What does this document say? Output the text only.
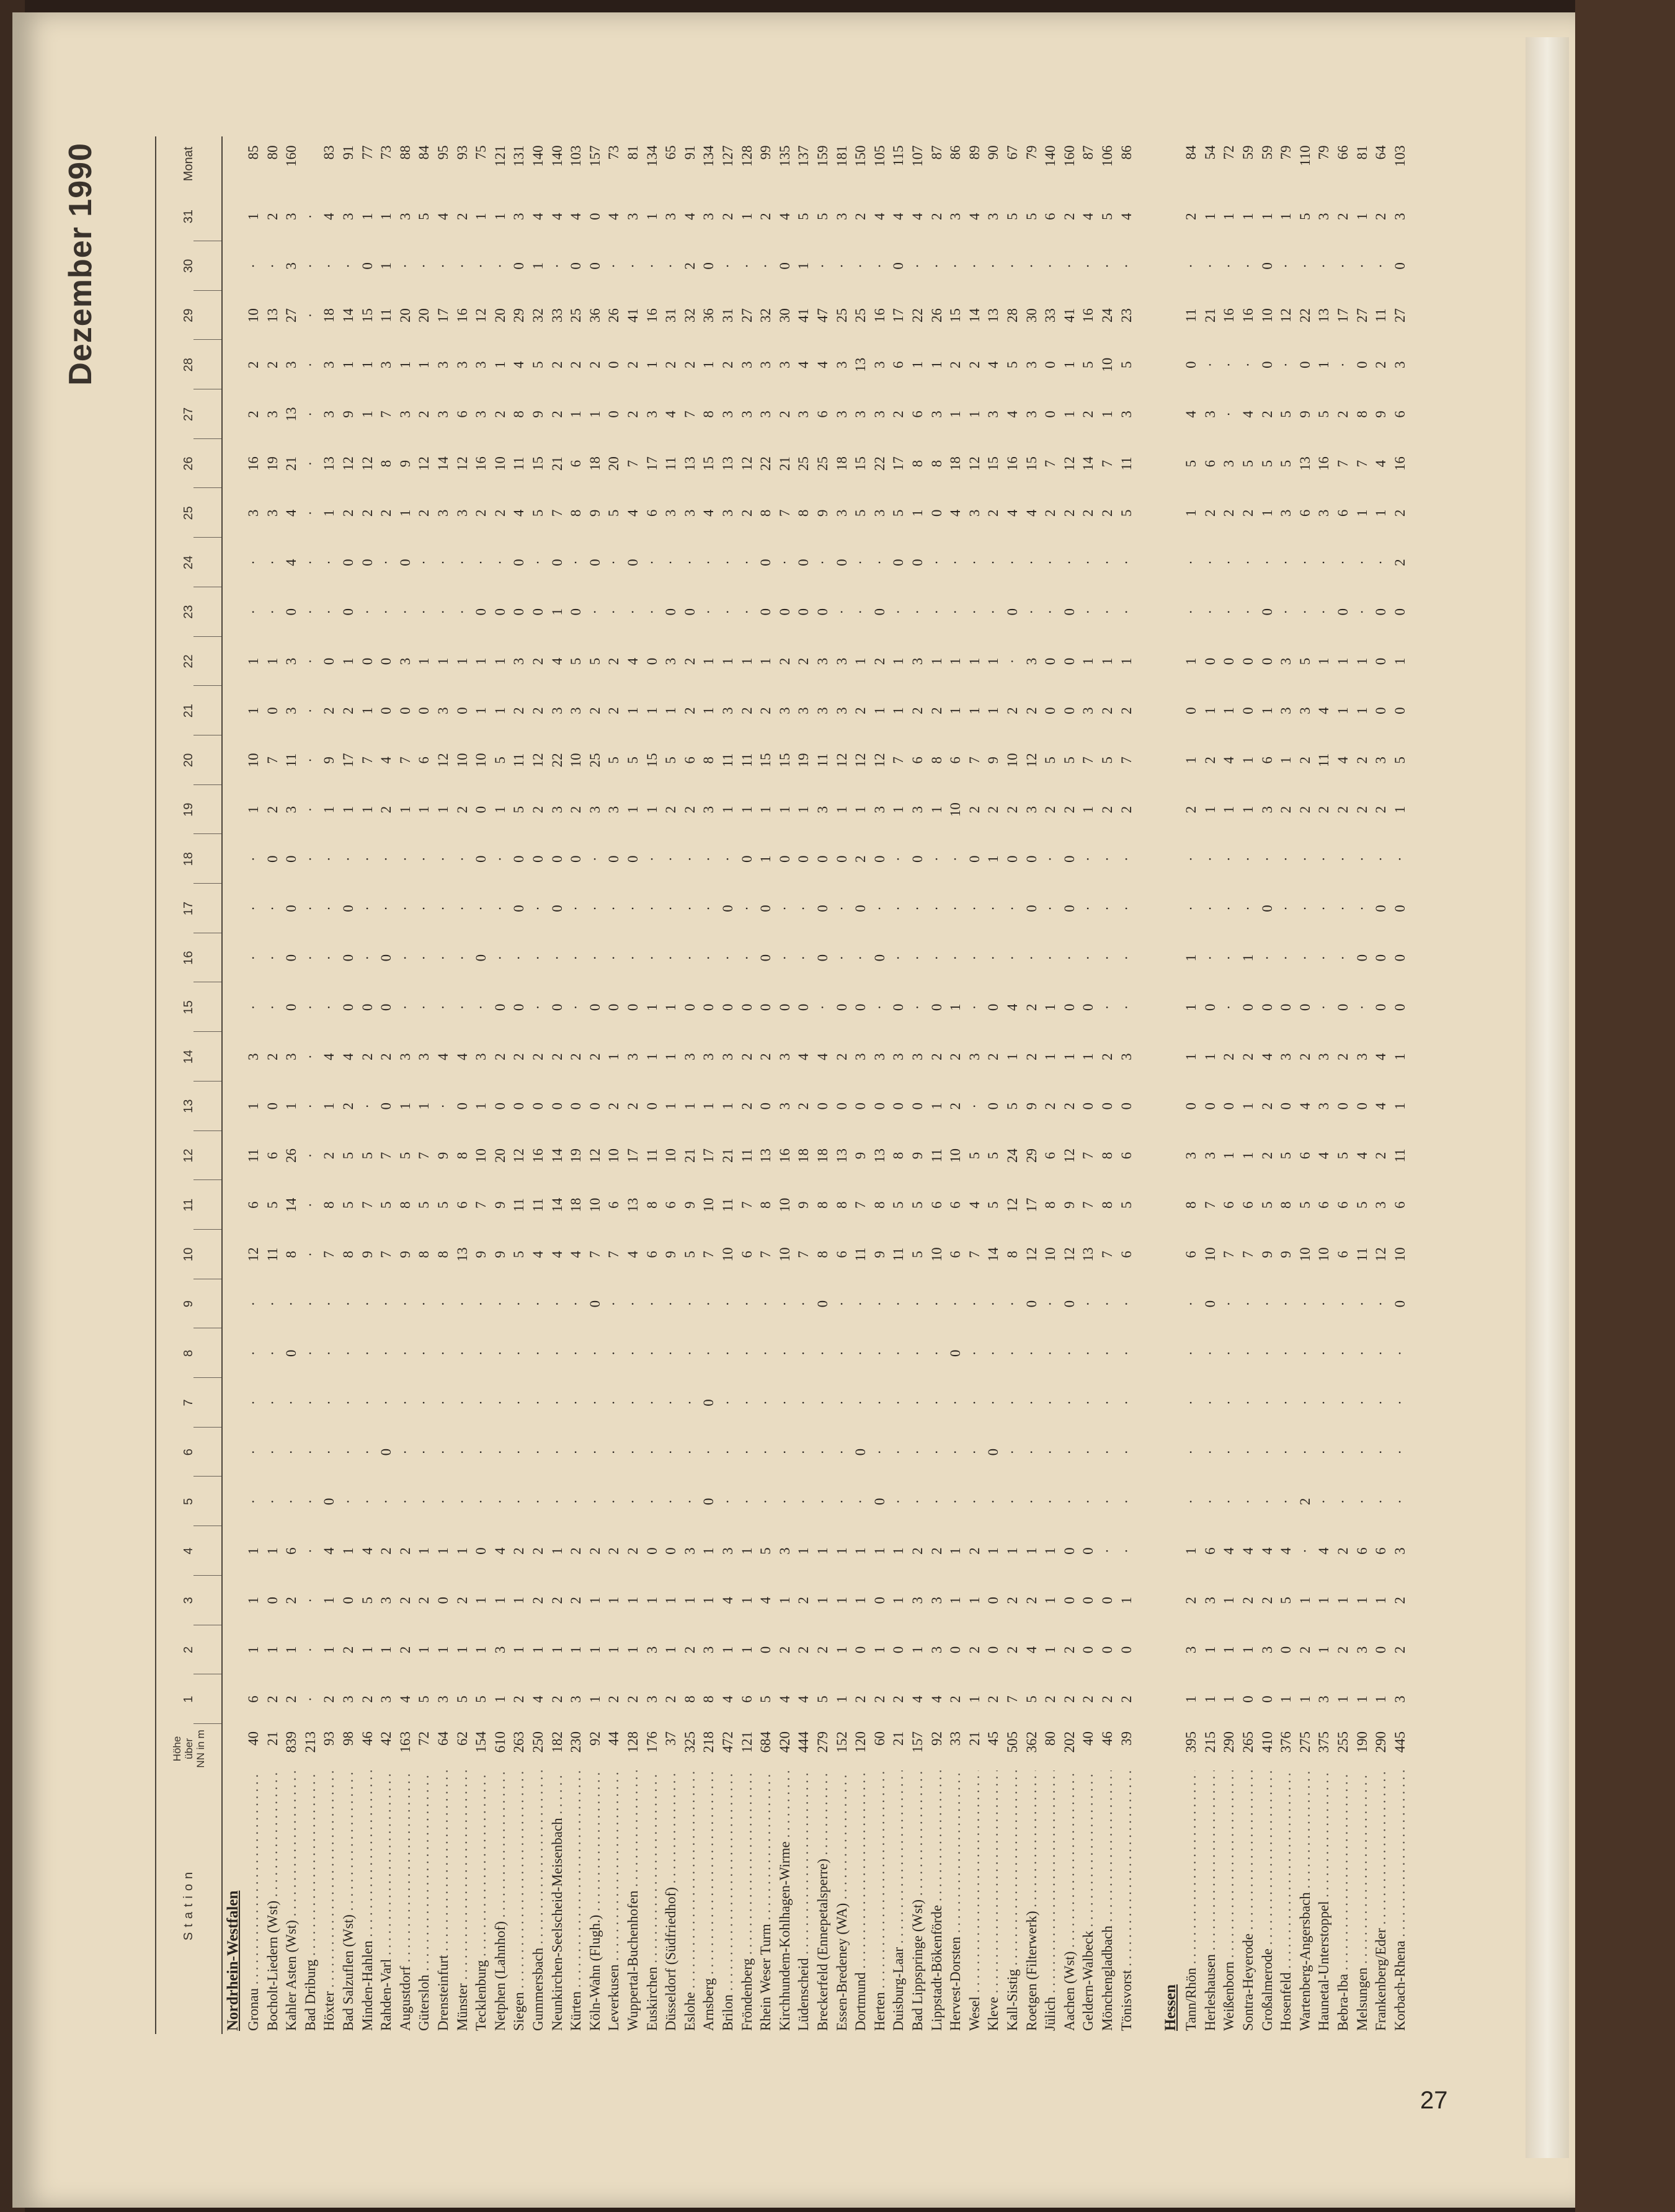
Dezember 1990
Station
Höhe über NN in m
1
2
3
4
5
6
7
8
9
10
11
12
13
14
15
16
17
18
19
20
21
22
23
24
25
26
27
28
29
30
31
Monat
Nordrhein-Westfalen Gronau . . .
40
6
1
1
1
·
·
·
·
·
12
6
11
1
3
·
·
·
·
1
10
1
1
·
·
3
16
2
2
10
·
1
85
Bocholt-Liedern (Wst) . . .
21
2
1
0
1
·
·
·
·
·
11
5
6
0
2
·
·
·
0
2
7
0
1
·
·
3
19
3
2
13
·
2
80
Kahler Asten (Wst) . . .
839
2
1
2
6
·
·
·
0
·
8
14
26
1
3
0
0
0
0
3
11
3
3
0
4
4
21
13
3
27
3
3
160
Bad Driburg . . .
213
·
·
·
·
·
·
·
·
·
·
·
·
·
·
·
·
·
·
·
·
·
·
·
·
·
·
·
·
·
·
·
Höxter . . .
93
2
1
1
4
0
·
·
·
·
7
8
2
1
4
·
·
·
·
1
9
2
0
·
·
1
13
3
3
18
·
4
83
Bad Salzuflen (Wst) . . .
98
3
2
0
1
·
·
·
·
·
8
5
5
2
4
0
0
0
·
1
17
2
1
0
0
2
12
9
1
14
·
3
91
Minden-Hahlen . . .
46
2
1
5
4
·
·
·
·
·
9
7
5
·
2
0
·
·
·
1
7
1
0
·
0
2
12
1
1
15
0
1
77
Rahden-Varl . . .
42
3
1
3
2
·
0
·
·
·
7
5
7
0
2
0
0
·
·
2
4
0
0
·
·
2
8
7
3
11
1
1
73
Augustdorf . . .
163
4
2
2
2
·
·
·
·
·
9
8
5
1
3
·
·
·
·
1
7
0
3
·
0
1
9
3
1
20
·
3
88
Gütersloh . . .
72
5
1
2
1
·
·
·
·
·
8
5
7
1
3
·
·
·
·
1
6
0
1
·
·
2
12
2
1
20
·
5
84
Drensteinfurt . . .
64
3
1
0
1
·
·
·
·
·
8
5
9
·
4
·
·
·
·
1
12
3
1
·
·
3
14
3
3
17
·
4
95
Münster . . .
62
5
1
2
1
·
·
·
·
·
13
6
8
0
4
·
·
·
·
2
10
0
1
·
·
3
12
6
3
16
·
2
93
Tecklenburg . . .
154
5
1
1
0
·
·
·
·
·
9
7
10
1
3
·
0
·
0
0
10
1
1
0
·
2
16
3
3
12
·
1
75
Netphen (Lahnhof) . . .
610
1
3
1
4
·
·
·
·
·
9
9
20
0
2
0
·
·
·
1
5
1
1
0
·
2
10
2
1
20
·
1
121
Siegen . . .
263
2
1
1
2
·
·
·
·
·
5
11
12
0
2
0
·
0
0
5
11
2
3
0
0
4
11
8
4
29
0
3
131
Gummersbach . . .
250
4
1
2
2
·
·
·
·
·
4
11
16
0
2
·
·
·
0
2
12
2
2
0
·
5
15
9
5
32
1
4
140
Neunkirchen-Seelscheid-Meisenbach . . .
182
2
1
2
1
·
·
·
·
·
4
14
14
0
2
0
·
0
0
3
22
3
4
1
0
7
21
2
2
33
·
4
140
Kürten . . .
230
3
1
2
2
·
·
·
·
·
4
18
19
0
2
·
·
·
0
2
10
3
5
0
·
8
6
1
2
25
0
4
103
Köln-Wahn (Flugh.) . . .
92
1
1
1
2
·
·
·
·
0
7
10
12
0
2
0
·
·
·
3
25
2
5
·
0
9
18
1
2
36
0
0
157
Leverkusen . . .
44
2
1
1
2
·
·
·
·
·
7
6
10
2
1
0
·
·
0
3
5
2
2
·
·
5
20
0
0
26
·
4
73
Wuppertal-Buchenhofen . . .
128
2
1
1
2
·
·
·
·
·
4
13
17
2
3
0
·
·
0
1
5
1
4
·
0
4
7
2
2
41
·
3
81
Euskirchen . . .
176
3
3
1
0
·
·
·
·
·
6
8
11
0
1
1
·
·
·
1
15
1
0
·
·
6
17
3
1
16
·
1
134
Düsseldorf (Südfriedhof) . . .
37
2
1
1
0
·
·
·
·
·
9
6
10
1
1
1
·
·
·
2
5
1
3
0
·
3
11
4
2
31
·
3
65
Eslohe . . .
325
8
2
1
3
·
·
·
·
·
5
9
21
1
3
0
·
·
·
2
6
2
2
0
·
3
13
7
2
32
2
4
91
Arnsberg . . .
218
8
3
1
1
0
·
0
·
·
7
10
17
1
3
0
·
·
·
3
8
1
1
·
·
4
15
8
1
36
0
3
134
Brilon . . .
472
4
1
4
3
·
·
·
·
·
10
11
21
1
3
0
·
0
·
1
11
3
1
·
·
3
13
3
2
31
·
2
127
Fröndenberg . . .
121
6
1
1
1
·
·
·
·
·
6
7
11
2
2
0
·
·
0
1
11
2
1
·
·
2
12
3
3
27
·
1
128
Rhein Weser Turm . . .
684
5
0
4
5
·
·
·
·
·
7
8
13
0
2
0
0
0
1
1
15
2
1
0
0
8
22
3
3
32
·
2
99
Kirchhundem-Kohlhagen-Wirme . . .
420
4
2
1
3
·
·
·
·
·
10
10
16
3
3
0
·
·
0
1
15
3
2
0
·
7
21
2
3
30
0
4
135
Lüdenscheid . . .
444
4
2
2
1
·
·
·
·
·
7
9
18
2
4
0
·
·
0
1
19
3
2
0
0
8
25
3
4
41
1
5
137
Breckerfeld (Ennepetalsperre) . . .
279
5
2
1
1
·
·
·
·
0
8
8
18
0
4
·
0
0
0
3
11
3
3
0
·
9
25
6
4
47
·
5
159
Essen-Bredeney (WA) . . .
152
1
1
1
1
·
·
·
·
·
6
8
13
0
2
0
·
·
0
1
12
3
3
·
0
3
18
3
3
25
·
3
181
Dortmund . . .
120
2
0
1
1
·
0
·
·
·
11
7
9
0
3
0
·
0
2
1
12
2
1
·
·
5
15
3
13
25
·
2
150
Herten . . .
60
2
1
0
1
0
·
·
·
·
9
8
13
0
3
·
0
·
0
3
12
1
2
0
·
3
22
3
3
16
·
4
105
Duisburg-Laar . . .
21
2
0
1
1
·
·
·
·
·
11
5
8
0
3
0
·
·
·
1
7
1
1
·
0
5
17
2
6
17
0
4
115
Bad Lippspringe (Wst) . . .
157
4
1
3
2
·
·
·
·
·
5
5
9
0
3
·
·
·
0
3
6
2
3
·
0
1
8
6
1
22
·
4
107
Lippstadt-Bökenförde . . .
92
4
3
3
2
·
·
·
·
·
10
6
11
1
2
0
·
·
·
1
8
2
1
·
·
0
8
3
1
26
·
2
87
Hervest-Dorsten . . .
33
2
0
1
1
·
·
·
0
·
6
6
10
2
2
1
·
·
·
10
6
1
1
·
·
4
18
1
2
15
·
3
86
Wesel . . .
21
1
2
1
2
·
·
·
·
·
7
4
5
·
3
·
·
·
0
2
7
1
1
·
·
3
12
1
2
14
·
4
89
Kleve . . .
45
2
0
0
1
·
0
·
·
·
14
5
5
0
2
0
·
·
1
2
9
1
1
·
·
2
15
3
4
13
·
3
90
Kall-Sistig . . .
505
7
2
2
1
·
·
·
·
·
8
12
24
5
1
4
·
·
0
2
10
2
·
0
·
4
16
4
5
28
·
5
67
Roetgen (Filterwerk) . . .
362
5
4
2
1
·
·
·
·
0
12
17
29
9
2
2
·
0
0
3
12
2
3
·
·
4
15
3
3
30
·
5
79
Jülich . . .
80
2
1
1
1
·
·
·
·
·
10
8
6
2
1
1
·
·
·
2
5
0
0
·
·
2
7
0
0
33
·
6
140
Aachen (Wst) . . .
202
2
2
0
0
·
·
·
·
0
12
9
12
2
1
0
·
0
0
2
5
0
0
0
·
2
12
1
1
41
·
2
160
Geldern-Walbeck . . .
40
2
0
0
0
·
·
·
·
·
13
7
7
0
1
0
·
·
·
1
7
3
1
·
·
2
14
2
5
16
·
4
87
Mönchengladbach . . .
46
2
0
0
·
·
·
·
·
·
7
8
8
0
2
·
·
·
·
2
5
2
1
·
·
2
7
1
10
24
·
5
106
Tönisvorst . . .
39
2
0
1
·
·
·
·
·
·
6
5
6
0
3
·
·
·
·
2
7
2
1
·
·
5
11
3
5
23
·
4
86
Hessen Tann/Rhön . . .
395
1
3
2
1
·
·
·
·
·
6
8
3
0
1
1
1
·
·
2
1
0
1
·
·
1
5
4
0
11
·
2
84
Herleshausen . . .
215
1
1
3
6
·
·
·
·
0
10
7
3
0
1
0
·
·
·
1
2
1
0
·
·
2
6
3
·
21
·
1
54
Weißenborn . . .
290
1
1
1
4
·
·
·
·
·
7
6
1
0
2
·
·
·
·
1
4
1
0
·
·
2
3
·
·
16
·
1
72
Sontra-Heyerode . . .
265
0
1
2
4
·
·
·
·
·
7
6
1
1
2
0
1
·
·
1
1
0
0
·
·
2
5
4
·
16
·
1
59
Großalmerode . . .
410
0
3
2
4
·
·
·
·
·
9
5
2
2
4
0
·
0
·
3
6
1
0
0
·
1
5
2
0
10
0
1
59
Hosenfeld . . .
376
1
0
5
4
·
·
·
·
·
9
8
5
0
3
0
·
·
·
2
1
3
3
·
·
3
5
5
·
12
·
1
79
Wartenberg-Angersbach . . .
275
1
2
1
·
2
·
·
·
·
10
5
6
4
2
0
·
·
·
2
2
3
5
·
·
6
13
9
0
22
·
5
110
Haunetal-Unterstoppel . . .
375
3
1
1
4
·
·
·
·
·
10
6
4
3
3
·
·
·
·
2
11
4
1
·
·
3
16
5
1
13
·
3
79
Bebra-Iba . . .
255
1
2
1
2
·
·
·
·
·
6
6
5
0
2
0
·
·
·
2
4
1
1
0
·
6
7
2
·
17
·
2
66
Melsungen . . .
190
1
3
1
6
·
·
·
·
·
11
5
4
0
3
·
0
·
·
2
2
1
1
·
·
1
7
8
0
27
·
1
81
Frankenberg/Eder . . .
290
1
0
1
6
·
·
·
·
·
12
3
2
4
4
0
0
0
·
2
3
0
0
0
·
1
4
9
2
11
·
2
64
Korbach-Rhena . . .
445
3
2
2
3
·
·
·
·
0
10
6
11
1
1
0
0
0
·
1
5
0
1
0
2
2
16
6
3
27
0
3
103
27
